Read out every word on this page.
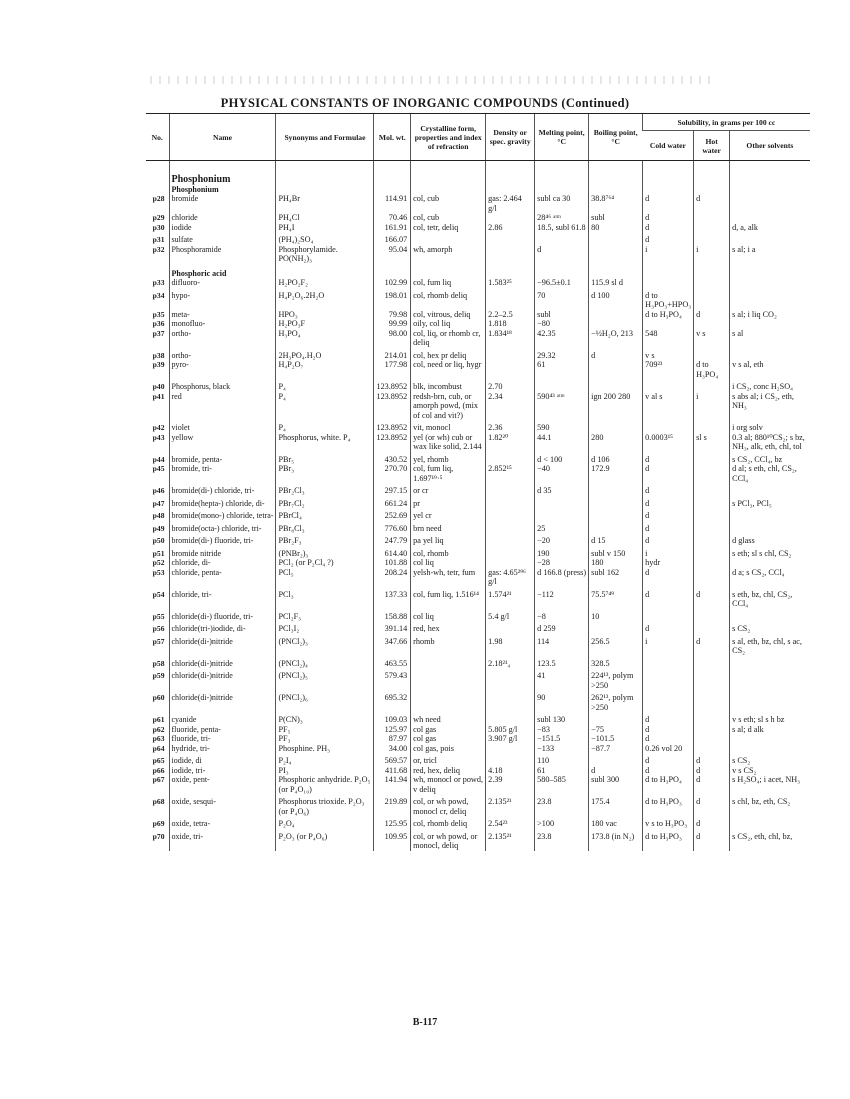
PHYSICAL CONSTANTS OF INORGANIC COMPOUNDS (Continued)
No.	Name	Synonyms and Formulae	Mol. wt.	Crystalline form, properties and index of refraction	Density or spec. gravity	Melting point, °C	Boiling point, °C	Solubility, in grams per 100 cc		
								Cold water	Hot water	Other solvents
	Phosphonium									
	Phosphonium									
p28	bromide	PH₄Br	114.91	col, cub	gas: 2.464 g/l	subl ca 30	38.8⁷⁶⁴	d	d	
p29	chloride	PH₄Cl	70.46	col, cub		28⁴⁶ ᵃᵗᵐ	subl	d		
p30	iodide	PH₄I	161.91	col, tetr, deliq	2.86	18.5, subl 61.8	80	d		d, a, alk
p31	sulfate	(PH₄)₂SO₄	166.07					d		
p32	Phosphoramide	Phosphorylamide. PO(NH₂)₃	95.04	wh, amorph		d		i	i	s al; i a
	Phosphoric acid									
p33	difluoro-	H₂PO₂F₂	102.99	col, fum liq	1.583²⁵	−96.5±0.1	115.9 sl d			
p34	hypo-	H₄P₂O₆.2H₂O	198.01	col, rhomb deliq		70	d 100	d to H₃PO₃+HPO₃		
p35	meta-	HPO₃	79.98	col, vitrous, deliq	2.2–2.5	subl		d to H₃PO₄	d	s al; i liq CO₂
p36	monofluo-	H₂PO₃F	99.99	oily, col liq	1.818	−80				
p37	ortho-	H₃PO₄	98.00	col, liq, or rhomb cr, deliq	1.834¹⁸	42.35	−½H₂O, 213	548	v s	s al
p38	ortho-	2H₃PO₄.H₂O	214.01	col, hex pr deliq		29.32	d	v s		
p39	pyro-	H₄P₂O₇	177.98	col, need or liq, hygr		61		709²³	d to H₃PO₄	v s al, eth
p40	Phosphorus, black	P₄	123.8952	blk, incombust	2.70					i CS₂, conc H₂SO₄
p41	red	P₄	123.8952	redsh-brn, cub, or amorph powd, (mix of col and vit?)	2.34	590⁴³ ᵃᵗᵐ	ign 200 280	v al s	i	s abs al; i CS₂, eth, NH₃
p42	violet	P₄	123.8952	vit, monocl	2.36	590				i org solv
p43	yellow	Phosphorus, white. P₄	123.8952	yel (or wh) cub or wax like solid, 2.144	1.82²⁰	44.1	280	0.0003¹⁵	sl s	0.3 al; 880¹⁰CS₂; s bz, NH₃, alk, eth, chl, tol
p44	bromide, penta-	PBr₅	430.52	yel, rhomb		d < 100	d 106	d		s CS₂, CCl₄, bz
p45	bromide, tri-	PBr₃	270.70	col, fum liq, 1.697¹⁹·⁵	2.852¹⁵	−40	172.9	d		d al; s eth, chl, CS₂, CCl₄
p46	bromide(di-) chloride, tri-	PBr₂Cl₃	297.15	or cr		d 35		d		
p47	bromide(hepta-) chloride, di-	PBr₇Cl₂	661.24	pr				d		s PCl₃, PCl₅
p48	bromide(mono-) chloride, tetra-	PBrCl₄	252.69	yel cr				d		
p49	bromide(octa-) chloride, tri-	PBr₈Cl₃	776.60	brn need		25		d		
p50	bromide(di-) fluoride, tri-	PBr₂F₃	247.79	pa yel liq		−20	d 15	d		d glass
p51	bromide nitride	(PNBr₂)₃	614.40	col, rhomb		190	subl v 150	i		s eth; sl s chl, CS₂
p52	chloride, di-	PCl₂ (or P₂Cl₄ ?)	101.88	col liq		−28	180	hydr		
p53	chloride, penta-	PCl₅	208.24	yelsh-wh, tetr, fum	gas: 4.65²⁹⁶ g/l	d 166.8 (press)	subl 162	d		d a; s CS₂, CCl₄
p54	chloride, tri-	PCl₃	137.33	col, fum liq, 1.516¹⁴	1.574²¹	−112	75.5⁷⁴⁹	d	d	s eth, bz, chl, CS₂, CCl₄
p55	chloride(di-) fluoride, tri-	PCl₂F₃	158.88	col liq	5.4 g/l	−8	10			
p56	chloride(tri-)iodide, di-	PCl₃I₂	391.14	red, hex		d 259		d		s CS₂
p57	chloride(di-)nitride	(PNCl₂)₃	347.66	rhomb	1.98	114	256.5	i	d	s al, eth, bz, chl, s ac, CS₂
p58	chloride(di-)nitride	(PNCl₂)₄	463.55		2.18²¹₄	123.5	328.5			
p59	chloride(di-)nitride	(PNCl₂)₅	579.43			41	224¹³, polym >250			
p60	chloride(di-)nitride	(PNCl₂)₆	695.32			90	262¹³, polym >250			
p61	cyanide	P(CN)₃	109.03	wh need		subl 130		d		v s eth; sl s h bz
p62	fluoride, penta-	PF₅	125.97	col gas	5.805 g/l	−83	−75	d		s al; d alk
p63	fluoride, tri-	PF₃	87.97	col gas	3.907 g/l	−151.5	−101.5	d		
p64	hydride, tri-	Phosphine. PH₃	34.00	col gas, pois		−133	−87.7	0.26 vol 20		
p65	iodide, di	P₂I₄	569.57	or, tricl		110		d	d	s CS₂
p66	iodide, tri-	PI₃	411.68	red, hex, deliq	4.18	61	d	d	d	v s CS₂
p67	oxide, pent-	Phosphoric anhydride. P₂O₅ (or P₄O₁₀)	141.94	wh, monocl or powd, v deliq	2.39	580–585	subl 300	d to H₃PO₄	d	s H₂SO₄; i acet, NH₃
p68	oxide, sesqui-	Phosphorus trioxide. P₂O₃ (or P₄O₆)	219.89	col, or wh powd, monocl cr, deliq	2.135²¹	23.8	175.4	d to H₃PO₃	d	s chl, bz, eth, CS₂
p69	oxide, tetra-	P₂O₄	125.95	col, rhomb deliq	2.54²³	>100	180 vac	v s to H₃PO₃	d	
p70	oxide, tri-	P₂O₃ (or P₄O₆)	109.95	col, or wh powd, or monocl, deliq	2.135²¹	23.8	173.8 (in N₂)	d to H₃PO₃	d	s CS₂, eth, chl, bz,
B-117
